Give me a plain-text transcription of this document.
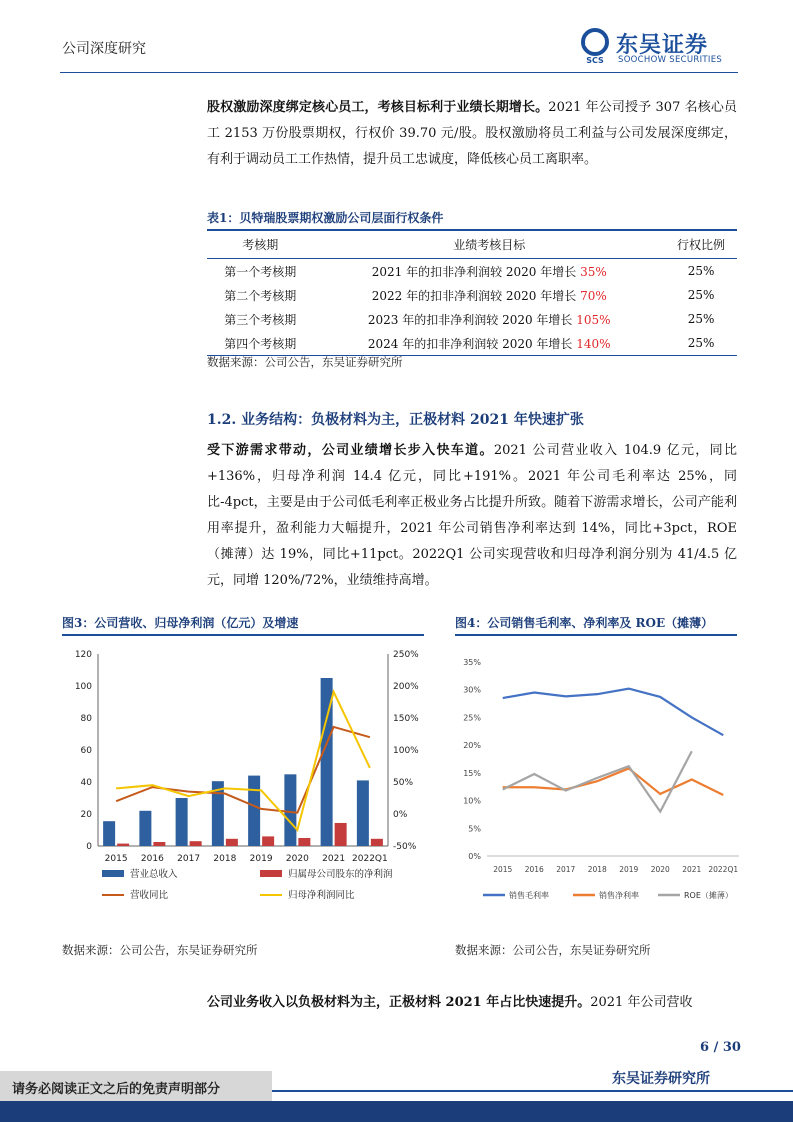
公司深度研究
SCS
东吴证券
SOOCHOW SECURITIES
股权激励深度绑定核心员工，考核目标利于业绩长期增长。2021 年公司授予 307 名核心员工 2153 万份股票期权，行权价 39.70 元/股。股权激励将员工利益与公司发展深度绑定，有利于调动员工工作热情，提升员工忠诚度，降低核心员工离职率。
表1：贝特瑞股票期权激励公司层面行权条件
考核期	业绩考核目标	行权比例
第一个考核期	2021 年的扣非净利润较 2020 年增长 35%	25%
第二个考核期	2022 年的扣非净利润较 2020 年增长 70%	25%
第三个考核期	2023 年的扣非净利润较 2020 年增长 105%	25%
第四个考核期	2024 年的扣非净利润较 2020 年增长 140%	25%
数据来源：公司公告，东吴证券研究所
1.2. 业务结构：负极材料为主，正极材料 2021 年快速扩张
受下游需求带动，公司业绩增长步入快车道。2021 公司营业收入 104.9 亿元，同比+136%，归母净利润 14.4 亿元，同比+191%。2021 年公司毛利率达 25%，同比-4pct，主要是由于公司低毛利率正极业务占比提升所致。随着下游需求增长，公司产能利用率提升，盈利能力大幅提升，2021 年公司销售净利率达到 14%，同比+3pct，ROE（摊薄）达 19%，同比+11pct。2022Q1 公司实现营收和归母净利润分别为 41/4.5 亿元，同增 120%/72%，业绩维持高增。
图3：公司营收、归母净利润（亿元）及增速
0
20
40
60
80
100
120
-50%
0%
50%
100%
150%
200%
250%
2015 2016 2017 2018 2019 2020 2021 2022Q1
营业总收入	归属母公司股东的净利润
营收同比	归母净利润同比
数据来源：公司公告，东吴证券研究所
图4：公司销售毛利率、净利率及 ROE（摊薄）
0%
5%
10%
15%
20%
25%
30%
35%
2015 2016 2017 2018 2019 2020 2021 2022Q1
销售毛利率	销售净利率	ROE（摊薄）
数据来源：公司公告，东吴证券研究所
公司业务收入以负极材料为主，正极材料 2021 年占比快速提升。2021 年公司营收
6 / 30
东吴证券研究所
请务必阅读正文之后的免责声明部分
